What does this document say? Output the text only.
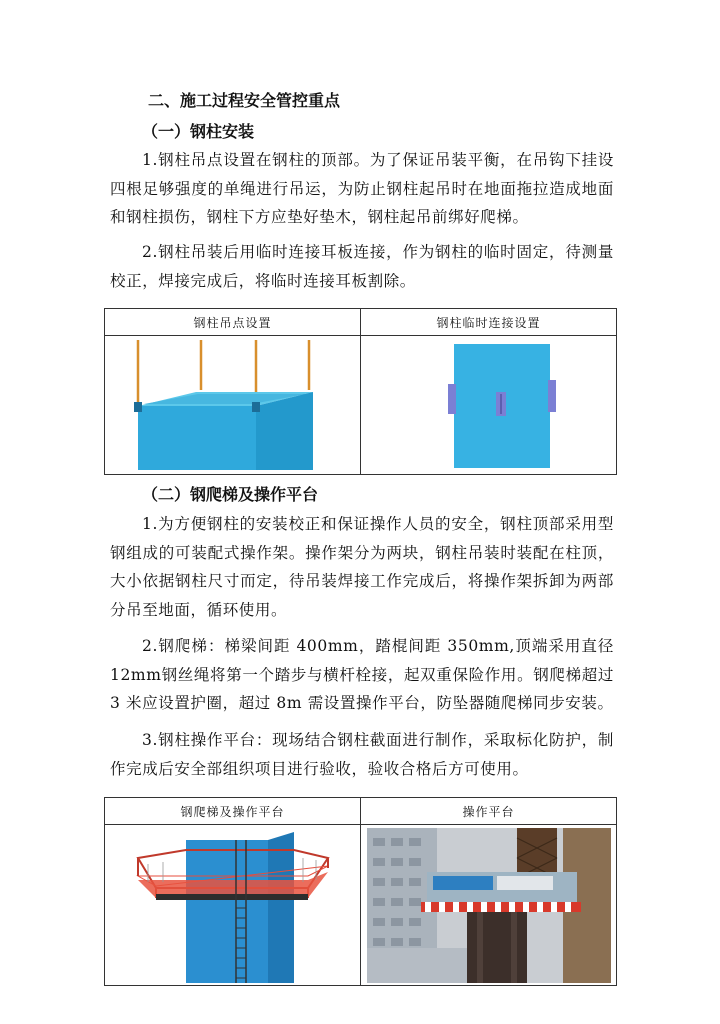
二、施工过程安全管控重点
（一）钢柱安装

1.钢柱吊点设置在钢柱的顶部。为了保证吊装平衡，在吊钩下挂设四根足够强度的单绳进行吊运，为防止钢柱起吊时在地面拖拉造成地面和钢柱损伤，钢柱下方应垫好垫木，钢柱起吊前绑好爬梯。

2.钢柱吊装后用临时连接耳板连接，作为钢柱的临时固定，待测量校正，焊接完成后，将临时连接耳板割除。

钢柱吊点设置	钢柱临时连接设置

（二）钢爬梯及操作平台

1.为方便钢柱的安装校正和保证操作人员的安全，钢柱顶部采用型钢组成的可装配式操作架。操作架分为两块，钢柱吊装时装配在柱顶，大小依据钢柱尺寸而定，待吊装焊接工作完成后，将操作架拆卸为两部分吊至地面，循环使用。

2.钢爬梯：梯梁间距 400mm，踏棍间距 350mm,顶端采用直径 12mm钢丝绳将第一个踏步与横杆栓接，起双重保险作用。钢爬梯超过 3 米应设置护圈，超过 8m 需设置操作平台，防坠器随爬梯同步安装。

3.钢柱操作平台：现场结合钢柱截面进行制作，采取标化防护，制作完成后安全部组织项目进行验收，验收合格后方可使用。

钢爬梯及操作平台	操作平台
